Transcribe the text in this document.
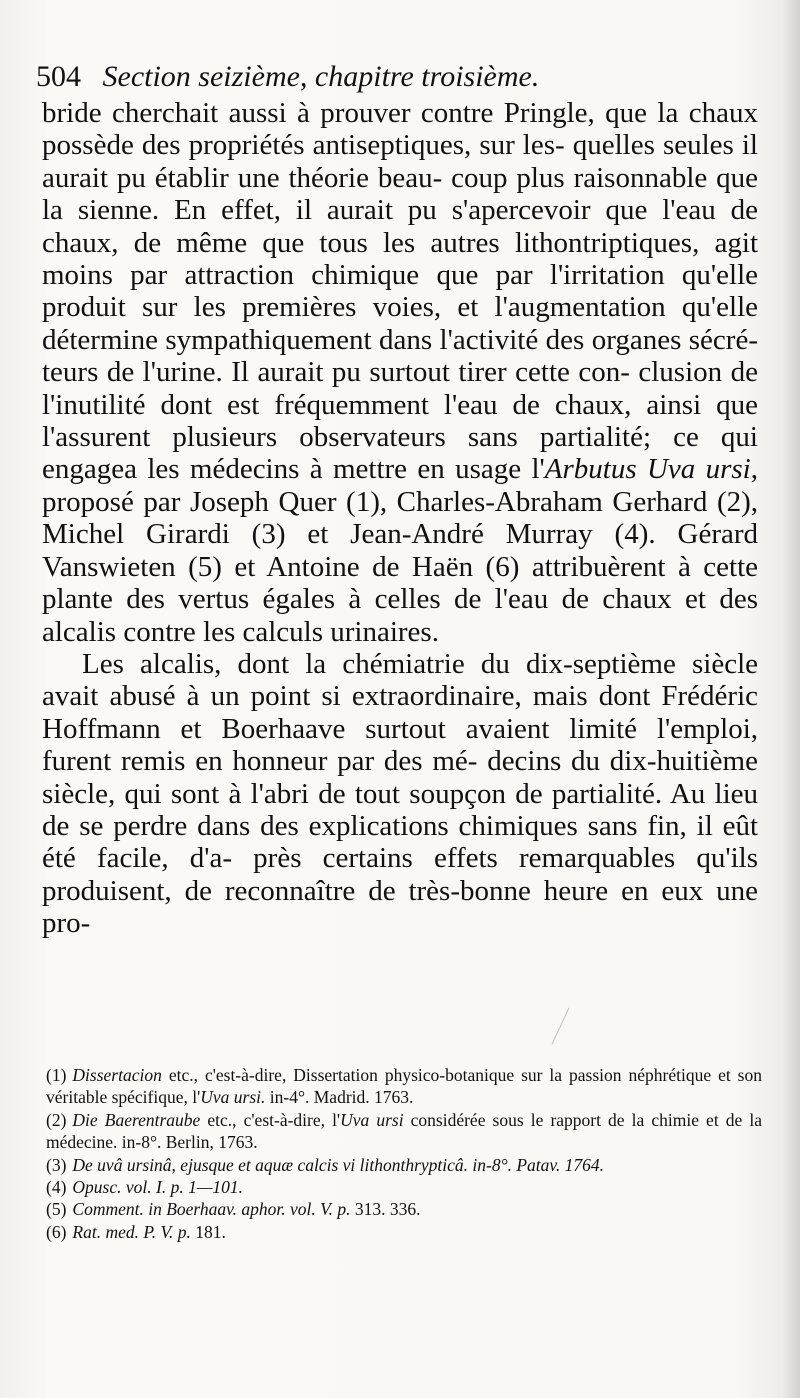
504 Section seizième, chapitre troisième.

bride cherchait aussi à prouver contre Pringle, que la chaux possède des propriétés antiseptiques, sur les- quelles seules il aurait pu établir une théorie beau- coup plus raisonnable que la sienne. En effet, il aurait pu s'apercevoir que l'eau de chaux, de même que tous les autres lithontriptiques, agit moins par attraction chimique que par l'irritation qu'elle produit sur les premières voies, et l'augmentation qu'elle détermine sympathiquement dans l'activité des organes sécré- teurs de l'urine. Il aurait pu surtout tirer cette con- clusion de l'inutilité dont est fréquemment l'eau de chaux, ainsi que l'assurent plusieurs observateurs sans partialité; ce qui engagea les médecins à mettre en usage l'Arbutus Uva ursi, proposé par Joseph Quer (1), Charles-Abraham Gerhard (2), Michel Girardi (3) et Jean-André Murray (4). Gérard Vanswieten (5) et Antoine de Haën (6) attribuèrent à cette plante des vertus égales à celles de l'eau de chaux et des alcalis contre les calculs urinaires.

Les alcalis, dont la chémiatrie du dix-septième siècle avait abusé à un point si extraordinaire, mais dont Frédéric Hoffmann et Boerhaave surtout avaient limité l'emploi, furent remis en honneur par des mé- decins du dix-huitième siècle, qui sont à l'abri de tout soupçon de partialité. Au lieu de se perdre dans des explications chimiques sans fin, il eût été facile, d'a- près certains effets remarquables qu'ils produisent, de reconnaître de très-bonne heure en eux une pro-

(1) Dissertacion etc., c'est-à-dire, Dissertation physico-botanique sur la passion néphrétique et son véritable spécifique, l'Uva ursi. in-4°. Madrid. 1763.

(2) Die Baerentraube etc., c'est-à-dire, l'Uva ursi considérée sous le rapport de la chimie et de la médecine. in-8°. Berlin, 1763.

(3) De uvâ ursinâ, ejusque et aquæ calcis vi lithonthrypticâ. in-8°. Patav. 1764.

(4) Opusc. vol. I. p. 1—101.

(5) Comment. in Boerhaav. aphor. vol. V. p. 313. 336.

(6) Rat. med. P. V. p. 181.
